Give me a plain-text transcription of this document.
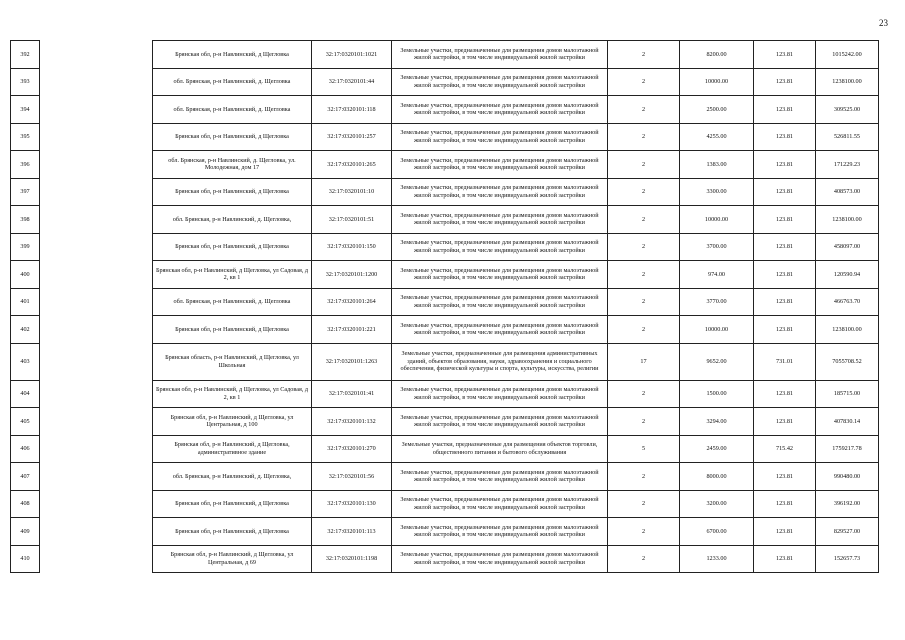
23
392		Брянская обл, р-н Навлинский, д Щегловка	32:17:0320101:1021	Земельные участки, предназначенные для размещения домов малоэтажной жилой застройки, в том числе индивидуальной жилой застройки	2	8200.00	123.81	1015242.00
393		обл. Брянская, р-н Навлинский, д. Щегловка	32:17:0320101:44	Земельные участки, предназначенные для размещения домов малоэтажной жилой застройки, в том числе индивидуальной жилой застройки	2	10000.00	123.81	1238100.00
394		обл. Брянская, р-н Навлинский, д. Щегловка	32:17:0320101:118	Земельные участки, предназначенные для размещения домов малоэтажной жилой застройки, в том числе индивидуальной жилой застройки	2	2500.00	123.81	309525.00
395		Брянская обл, р-н Навлинский, д Щегловка	32:17:0320101:257	Земельные участки, предназначенные для размещения домов малоэтажной жилой застройки, в том числе индивидуальной жилой застройки	2	4255.00	123.81	526811.55
396		обл. Брянская, р-н Навлинский, д. Щегловка, ул. Молодежная, дом 17	32:17:0320101:265	Земельные участки, предназначенные для размещения домов малоэтажной жилой застройки, в том числе индивидуальной жилой застройки	2	1383.00	123.81	171229.23
397		Брянская обл, р-н Навлинский, д Щегловка	32:17:0320101:10	Земельные участки, предназначенные для размещения домов малоэтажной жилой застройки, в том числе индивидуальной жилой застройки	2	3300.00	123.81	408573.00
398		обл. Брянская, р-н Навлинский, д. Щегловка,	32:17:0320101:51	Земельные участки, предназначенные для размещения домов малоэтажной жилой застройки, в том числе индивидуальной жилой застройки	2	10000.00	123.81	1238100.00
399		Брянская обл, р-н Навлинский, д Щегловка	32:17:0320101:150	Земельные участки, предназначенные для размещения домов малоэтажной жилой застройки, в том числе индивидуальной жилой застройки	2	3700.00	123.81	458097.00
400		Брянская обл, р-н Навлинский, д Щегловка, ул Садовая, д 2, кв 1	32:17:0320101:1200	Земельные участки, предназначенные для размещения домов малоэтажной жилой застройки, в том числе индивидуальной жилой застройки	2	974.00	123.81	120590.94
401		обл. Брянская, р-н Навлинский, д. Щегловка	32:17:0320101:264	Земельные участки, предназначенные для размещения домов малоэтажной жилой застройки, в том числе индивидуальной жилой застройки	2	3770.00	123.81	466763.70
402		Брянская обл, р-н Навлинский, д Щегловка	32:17:0320101:221	Земельные участки, предназначенные для размещения домов малоэтажной жилой застройки, в том числе индивидуальной жилой застройки	2	10000.00	123.81	1238100.00
403		Брянская область, р-н Навлинский, д Щегловка, ул Школьная	32:17:0320101:1263	Земельные участки, предназначенные для размещения административных зданий, объектов образования, науки, здравоохранения и социального обеспечения, физической культуры и спорта, культуры, искусства, религии	17	9652.00	731.01	7055708.52
404		Брянская обл, р-н Навлинский, д Щегловка, ул Садовая, д 2, кв 1	32:17:0320101:41	Земельные участки, предназначенные для размещения домов малоэтажной жилой застройки, в том числе индивидуальной жилой застройки	2	1500.00	123.81	185715.00
405		Брянская обл, р-н Навлинский, д Щегловка, ул Центральная, д 100	32:17:0320101:132	Земельные участки, предназначенные для размещения домов малоэтажной жилой застройки, в том числе индивидуальной жилой застройки	2	3294.00	123.81	407830.14
406		Брянская обл, р-н Навлинский, д Щегловка, административное здание	32:17:0320101:270	Земельные участки, предназначенные для размещения объектов торговли, общественного питания и бытового обслуживания	5	2459.00	715.42	1759217.78
407		обл. Брянская, р-н Навлинский, д. Щегловка,	32:17:0320101:56	Земельные участки, предназначенные для размещения домов малоэтажной жилой застройки, в том числе индивидуальной жилой застройки	2	8000.00	123.81	990480.00
408		Брянская обл, р-н Навлинский, д Щегловка	32:17:0320101:130	Земельные участки, предназначенные для размещения домов малоэтажной жилой застройки, в том числе индивидуальной жилой застройки	2	3200.00	123.81	396192.00
409		Брянская обл, р-н Навлинский, д Щегловка	32:17:0320101:113	Земельные участки, предназначенные для размещения домов малоэтажной жилой застройки, в том числе индивидуальной жилой застройки	2	6700.00	123.81	829527.00
410		Брянская обл, р-н Навлинский, д Щегловка, ул Центральная, д 69	32:17:0320101:1198	Земельные участки, предназначенные для размещения домов малоэтажной жилой застройки, в том числе индивидуальной жилой застройки	2	1233.00	123.81	152657.73
